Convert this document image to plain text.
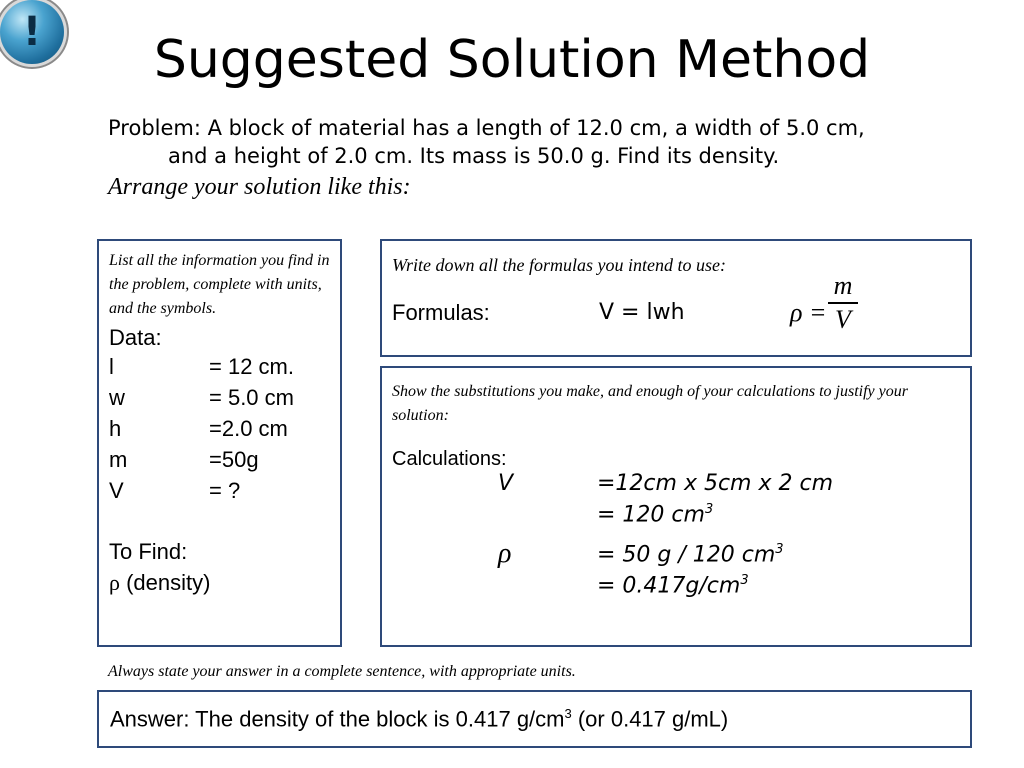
!	Suggested Solution Method
Problem: A block of material has a length of 12.0 cm, a width of 5.0 cm,
and a height of 2.0 cm. Its mass is 50.0 g. Find its density.
Arrange your solution like this:
List all the information you find in the problem, complete with units, and the symbols.
Data:
l	= 12 cm.
w	= 5.0 cm
h	=2.0 cm
m	=50g
V	= ?
To Find:
ρ (density)
Write down all the formulas you intend to use:
Formulas:	V = lwh	$\rho = \frac{m}{V}$
Show the substitutions you make, and enough of your calculations to justify your solution:
Calculations:
V	=12cm x 5cm x 2 cm
= 120 $cm^3$
ρ	= 50 g / 120 $cm^3$
= $0.417g/cm^3$
Always state your answer in a complete sentence, with appropriate units.
Answer: The density of the block is 0.417 $g/cm^3$ (or 0.417 g/mL)
